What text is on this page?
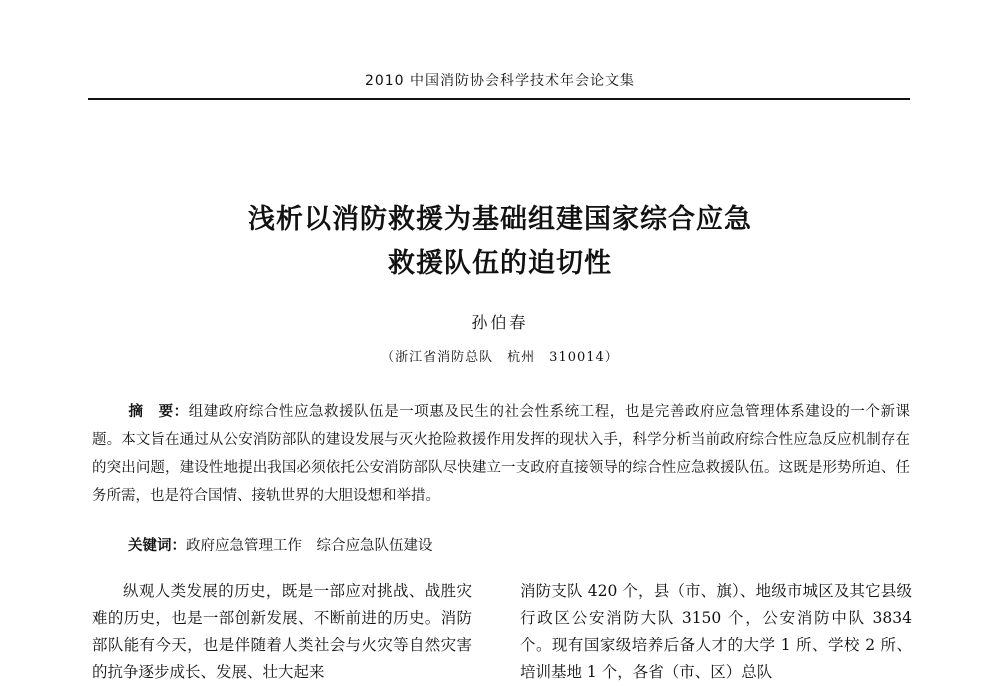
2010 中国消防协会科学技术年会论文集
浅析以消防救援为基础组建国家综合应急
救援队伍的迫切性
孙伯春
（浙江省消防总队　杭州　310014）
摘　要：组建政府综合性应急救援队伍是一项惠及民生的社会性系统工程，也是完善政府应急管理体系建设的一个新课题。本文旨在通过从公安消防部队的建设发展与灭火抢险救援作用发挥的现状入手，科学分析当前政府综合性应急反应机制存在的突出问题，建设性地提出我国必须依托公安消防部队尽快建立一支政府直接领导的综合性应急救援队伍。这既是形势所迫、任务所需，也是符合国情、接轨世界的大胆设想和举措。
关键词：政府应急管理工作　综合应急队伍建设
纵观人类发展的历史，既是一部应对挑战、战胜灾难的历史，也是一部创新发展、不断前进的历史。消防部队能有今天，也是伴随着人类社会与火灾等自然灾害的抗争逐步成长、发展、壮大起来
消防支队 420 个，县（市、旗）、地级市城区及其它县级行政区公安消防大队 3150 个，公安消防中队 3834 个。现有国家级培养后备人才的大学 1 所、学校 2 所、培训基地 1 个，各省（市、区）总队
